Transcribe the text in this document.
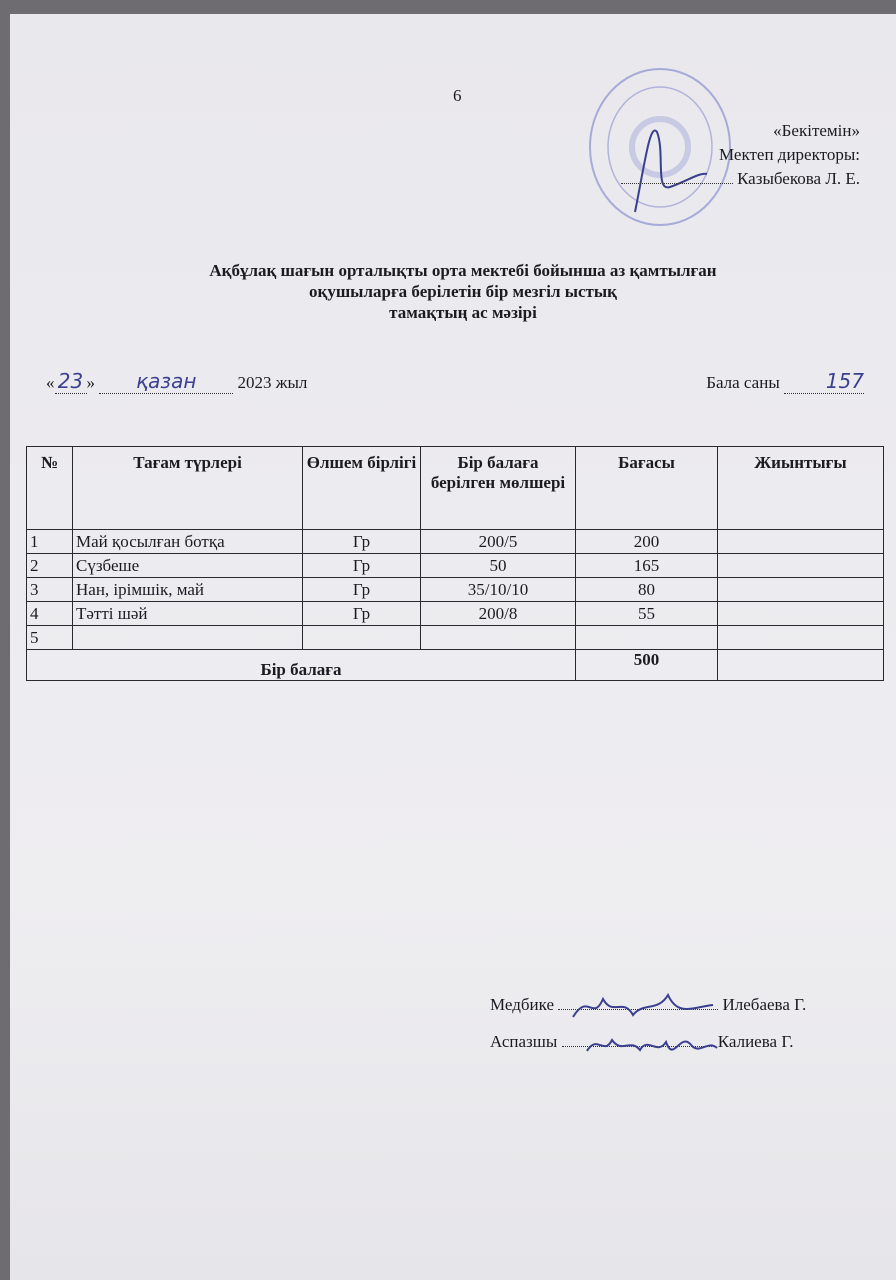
6
«Бекітемін»
Мектеп директоры:
Казыбекова Л. Е.
Ақбұлақ шағын орталықты орта мектебі бойынша аз қамтылған
оқушыларға берілетін бір мезгіл ыстық
тамақтың ас мәзірі
« 23 » қазан 2023 жыл	Бала саны 157
№	Тағам түрлері	Өлшем бірлігі	Бір балаға берілген мөлшері	Бағасы	Жиынтығы
1	Май қосылған ботқа	Гр	200/5	200	
2	Сүзбеше	Гр	50	165	
3	Нан, ірімшік, май	Гр	35/10/10	80	
4	Тәтті шәй	Гр	200/8	55	
5					
Бір балаға				500	
Медбике	Илебаева Г.
Аспазшы	Калиева Г.
